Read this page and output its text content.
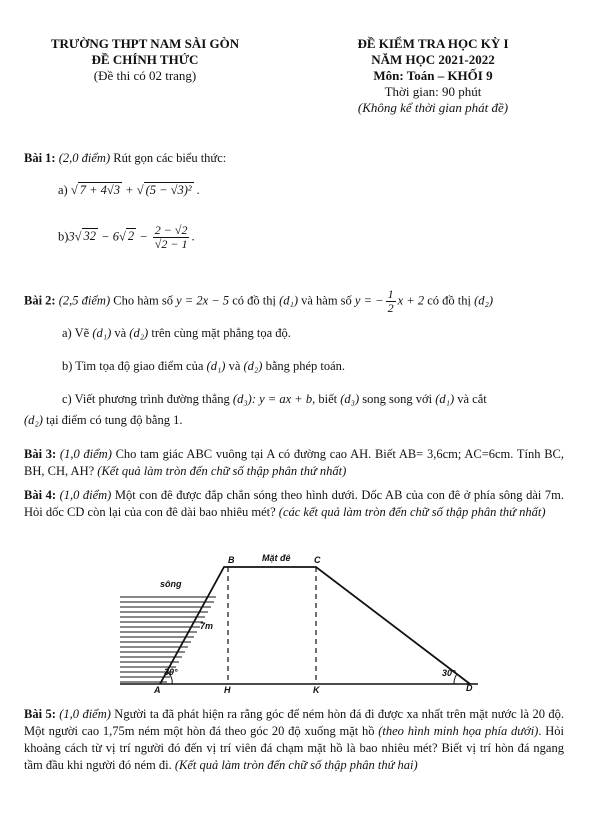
TRƯỜNG THPT NAM SÀI GÒN
ĐỀ CHÍNH THỨC
(Đề thi có 02 trang)
ĐỀ KIỂM TRA HỌC KỲ I
NĂM HỌC 2021-2022
Môn: Toán – KHỐI 9
Thời gian: 90 phút
(Không kể thời gian phát đề)
Bài 1: (2,0 điểm) Rút gọn các biểu thức:
a) √ 7 + 4√3 + √ (5 − √3)² .
b)3√ 32 − 6√ $2 - \frac{2 - √2}{√2 - 1}$ .
Bài 2: (2,5 điểm) Cho hàm số y = 2x − 5 có đồ thị (d₁) và hàm số y = − $\frac{1}{2}$ x + 2 có đồ thị (d₂)
a) Vẽ (d₁) và (d₂) trên cùng mặt phẳng tọa độ.
b) Tìm tọa độ giao điểm của (d₁) và (d₂) bằng phép toán.
c) Viết phương trình đường thẳng (d₃): y = ax + b, biết (d₃) song song với (d₁) và cắt
(d₂) tại điểm có tung độ bằng 1.
Bài 3: (1,0 điểm) Cho tam giác ABC vuông tại A có đường cao AH. Biết AB= 3,6cm; AC=6cm. Tính BC, BH, CH, AH? (Kết quả làm tròn đến chữ số thập phân thứ nhất)
Bài 4: (1,0 điểm) Một con đê được đắp chắn sóng theo hình dưới. Dốc AB của con đê ở phía sông dài 7m. Hỏi dốc CD còn lại của con đê dài bao nhiêu mét? (các kết quả làm tròn đến chữ số thập phân thứ nhất)
B	Mặt đê	C
sông
7m
30°	30°
A	H	K	D
Bài 5: (1,0 điểm) Người ta đã phát hiện ra rằng góc để ném hòn đá đi được xa nhất trên mặt nước là 20 độ. Một người cao 1,75m ném một hòn đá theo góc 20 độ xuống mặt hồ (theo hình minh họa phía dưới). Hỏi khoảng cách từ vị trí người đó đến vị trí viên đá chạm mặt hồ là bao nhiêu mét? Biết vị trí hòn đá ngang tầm đầu khi người đó ném đi. (Kết quả làm tròn đến chữ số thập phân thứ hai)
